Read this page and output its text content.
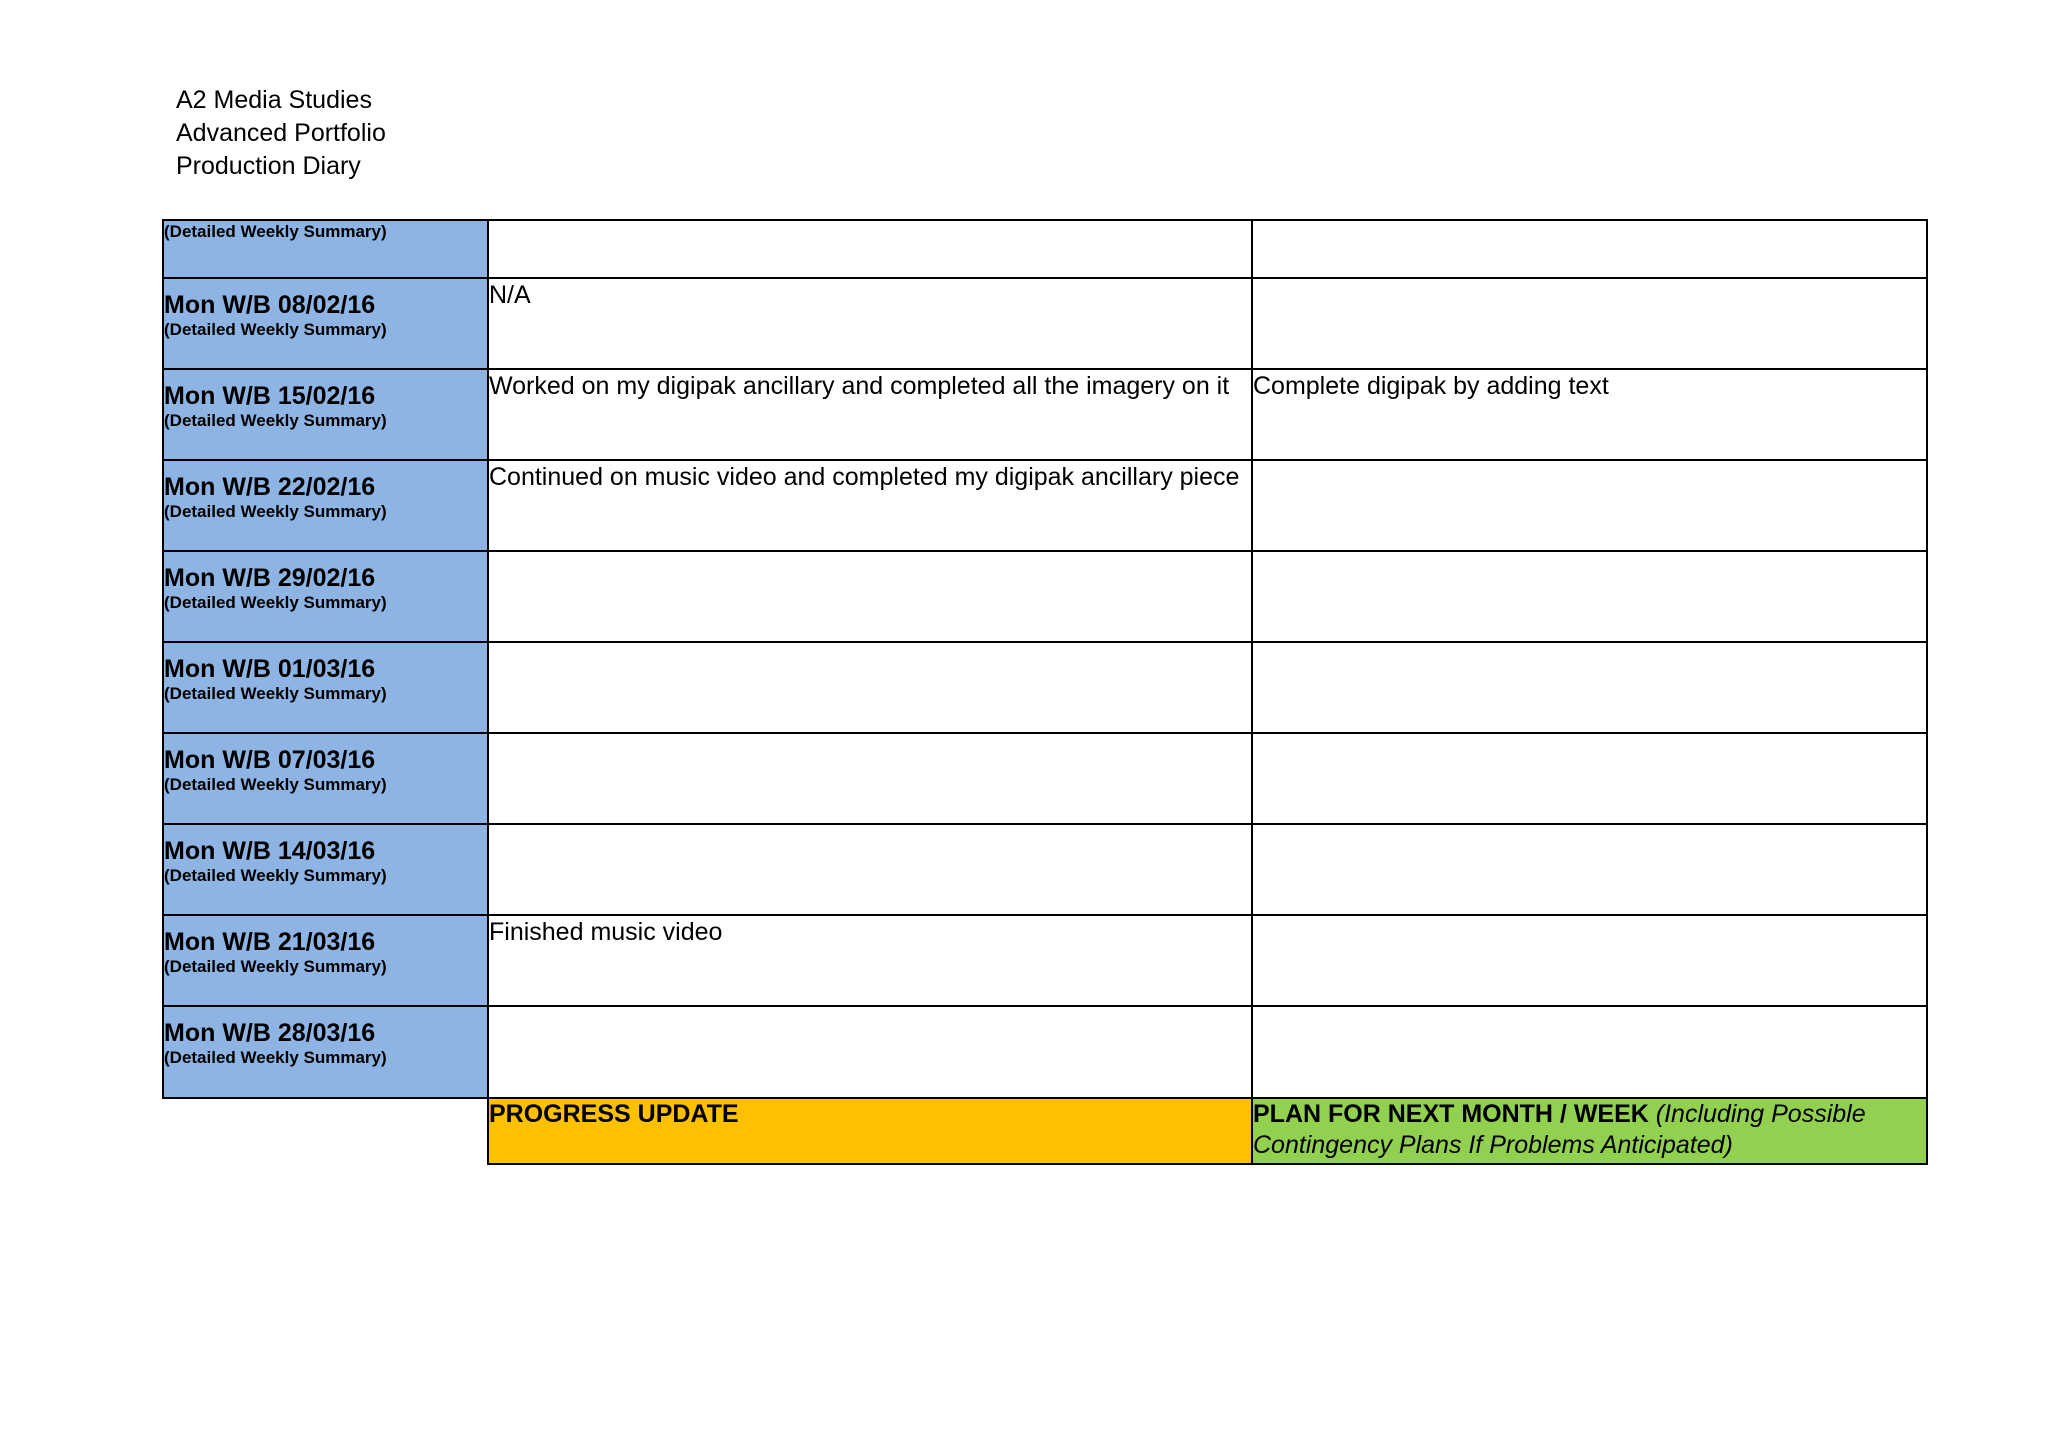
A2 Media Studies
Advanced Portfolio
Production Diary
(Detailed Weekly Summary)		

Mon W/B 08/02/16
(Detailed Weekly Summary)	N/A	

Mon W/B 15/02/16
(Detailed Weekly Summary)	Worked on my digipak ancillary and completed all the imagery on it	Complete digipak by adding text

Mon W/B 22/02/16
(Detailed Weekly Summary)	Continued on music video and completed my digipak ancillary piece	

Mon W/B 29/02/16
(Detailed Weekly Summary)		

Mon W/B 01/03/16
(Detailed Weekly Summary)		

Mon W/B 07/03/16
(Detailed Weekly Summary)		

Mon W/B 14/03/16
(Detailed Weekly Summary)		

Mon W/B 21/03/16
(Detailed Weekly Summary)	Finished music video	

Mon W/B 28/03/16
(Detailed Weekly Summary)		

	PROGRESS UPDATE	PLAN FOR NEXT MONTH / WEEK (Including Possible Contingency Plans If Problems Anticipated)
